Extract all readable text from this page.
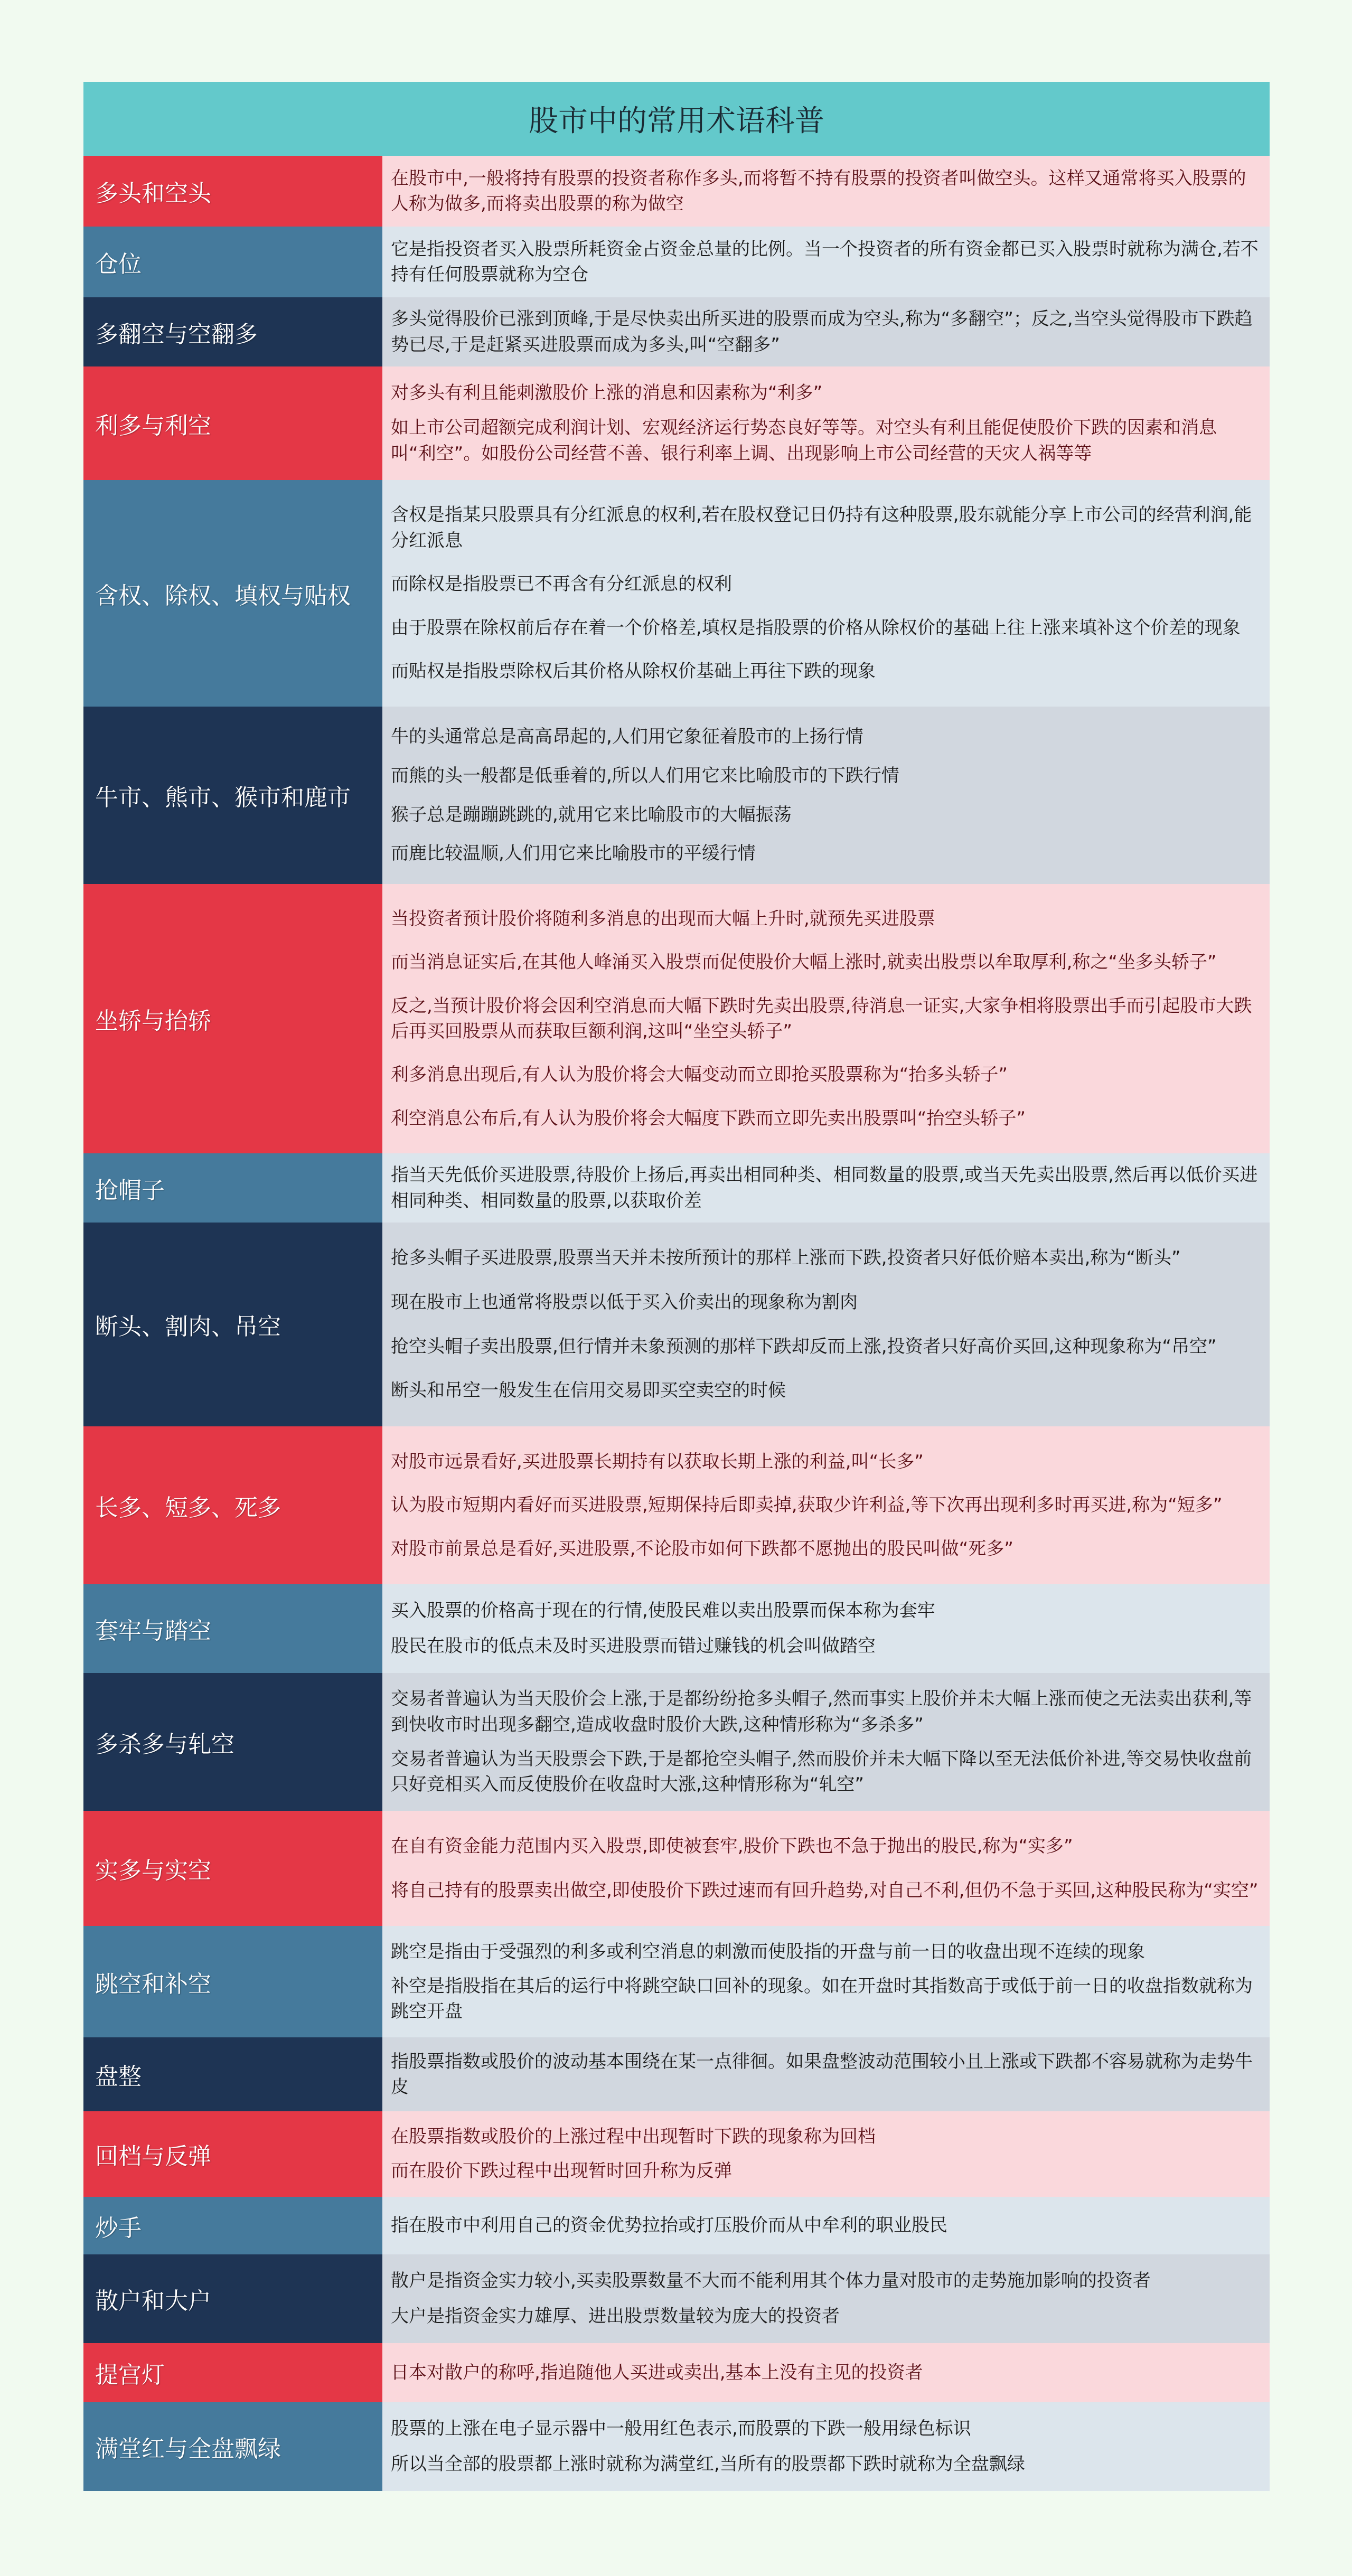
股市中的常用术语科普
多头和空头

在股市中,一般将持有股票的投资者称作多头,而将暂不持有股票的投资者叫做空头。这样又通常将买入股票的人称为做多,而将卖出股票的称为做空

仓位

它是指投资者买入股票所耗资金占资金总量的比例。当一个投资者的所有资金都已买入股票时就称为满仓,若不持有任何股票就称为空仓

多翻空与空翻多

多头觉得股价已涨到顶峰,于是尽快卖出所买进的股票而成为空头,称为“多翻空”；反之,当空头觉得股市下跌趋势已尽,于是赶紧买进股票而成为多头,叫“空翻多”

利多与利空

对多头有利且能刺激股价上涨的消息和因素称为“利多”

如上市公司超额完成利润计划、宏观经济运行势态良好等等。对空头有利且能促使股价下跌的因素和消息叫“利空”。如股份公司经营不善、银行利率上调、出现影响上市公司经营的天灾人祸等等

含权、除权、填权与贴权

含权是指某只股票具有分红派息的权利,若在股权登记日仍持有这种股票,股东就能分享上市公司的经营利润,能分红派息

而除权是指股票已不再含有分红派息的权利

由于股票在除权前后存在着一个价格差,填权是指股票的价格从除权价的基础上往上涨来填补这个价差的现象

而贴权是指股票除权后其价格从除权价基础上再往下跌的现象

牛市、熊市、猴市和鹿市

牛的头通常总是高高昂起的,人们用它象征着股市的上扬行情

而熊的头一般都是低垂着的,所以人们用它来比喻股市的下跌行情

猴子总是蹦蹦跳跳的,就用它来比喻股市的大幅振荡

而鹿比较温顺,人们用它来比喻股市的平缓行情

坐轿与抬轿

当投资者预计股价将随利多消息的出现而大幅上升时,就预先买进股票

而当消息证实后,在其他人峰涌买入股票而促使股价大幅上涨时,就卖出股票以牟取厚利,称之“坐多头轿子”

反之,当预计股价将会因利空消息而大幅下跌时先卖出股票,待消息一证实,大家争相将股票出手而引起股市大跌后再买回股票从而获取巨额利润,这叫“坐空头轿子”

利多消息出现后,有人认为股价将会大幅变动而立即抢买股票称为“抬多头轿子”

利空消息公布后,有人认为股价将会大幅度下跌而立即先卖出股票叫“抬空头轿子”

抢帽子

指当天先低价买进股票,待股价上扬后,再卖出相同种类、相同数量的股票,或当天先卖出股票,然后再以低价买进相同种类、相同数量的股票,以获取价差

断头、割肉、吊空

抢多头帽子买进股票,股票当天并未按所预计的那样上涨而下跌,投资者只好低价赔本卖出,称为“断头”

现在股市上也通常将股票以低于买入价卖出的现象称为割肉

抢空头帽子卖出股票,但行情并未象预测的那样下跌却反而上涨,投资者只好高价买回,这种现象称为“吊空”

断头和吊空一般发生在信用交易即买空卖空的时候

长多、短多、死多

对股市远景看好,买进股票长期持有以获取长期上涨的利益,叫“长多”

认为股市短期内看好而买进股票,短期保持后即卖掉,获取少许利益,等下次再出现利多时再买进,称为“短多”

对股市前景总是看好,买进股票,不论股市如何下跌都不愿抛出的股民叫做“死多”

套牢与踏空

买入股票的价格高于现在的行情,使股民难以卖出股票而保本称为套牢

股民在股市的低点未及时买进股票而错过赚钱的机会叫做踏空

多杀多与轧空

交易者普遍认为当天股价会上涨,于是都纷纷抢多头帽子,然而事实上股价并未大幅上涨而使之无法卖出获利,等到快收市时出现多翻空,造成收盘时股价大跌,这种情形称为“多杀多”

交易者普遍认为当天股票会下跌,于是都抢空头帽子,然而股价并未大幅下降以至无法低价补进,等交易快收盘前只好竞相买入而反使股价在收盘时大涨,这种情形称为“轧空”

实多与实空

在自有资金能力范围内买入股票,即使被套牢,股价下跌也不急于抛出的股民,称为“实多”

将自己持有的股票卖出做空,即使股价下跌过速而有回升趋势,对自己不利,但仍不急于买回,这种股民称为“实空”

跳空和补空

跳空是指由于受强烈的利多或利空消息的刺激而使股指的开盘与前一日的收盘出现不连续的现象

补空是指股指在其后的运行中将跳空缺口回补的现象。如在开盘时其指数高于或低于前一日的收盘指数就称为跳空开盘

盘整

指股票指数或股价的波动基本围绕在某一点徘徊。如果盘整波动范围较小且上涨或下跌都不容易就称为走势牛皮

回档与反弹

在股票指数或股价的上涨过程中出现暂时下跌的现象称为回档

而在股价下跌过程中出现暂时回升称为反弹

炒手	指在股市中利用自己的资金优势拉抬或打压股价而从中牟利的职业股民

散户和大户

散户是指资金实力较小,买卖股票数量不大而不能利用其个体力量对股市的走势施加影响的投资者

大户是指资金实力雄厚、进出股票数量较为庞大的投资者

提宫灯	日本对散户的称呼,指追随他人买进或卖出,基本上没有主见的投资者

满堂红与全盘飘绿

股票的上涨在电子显示器中一般用红色表示,而股票的下跌一般用绿色标识

所以当全部的股票都上涨时就称为满堂红,当所有的股票都下跌时就称为全盘飘绿
